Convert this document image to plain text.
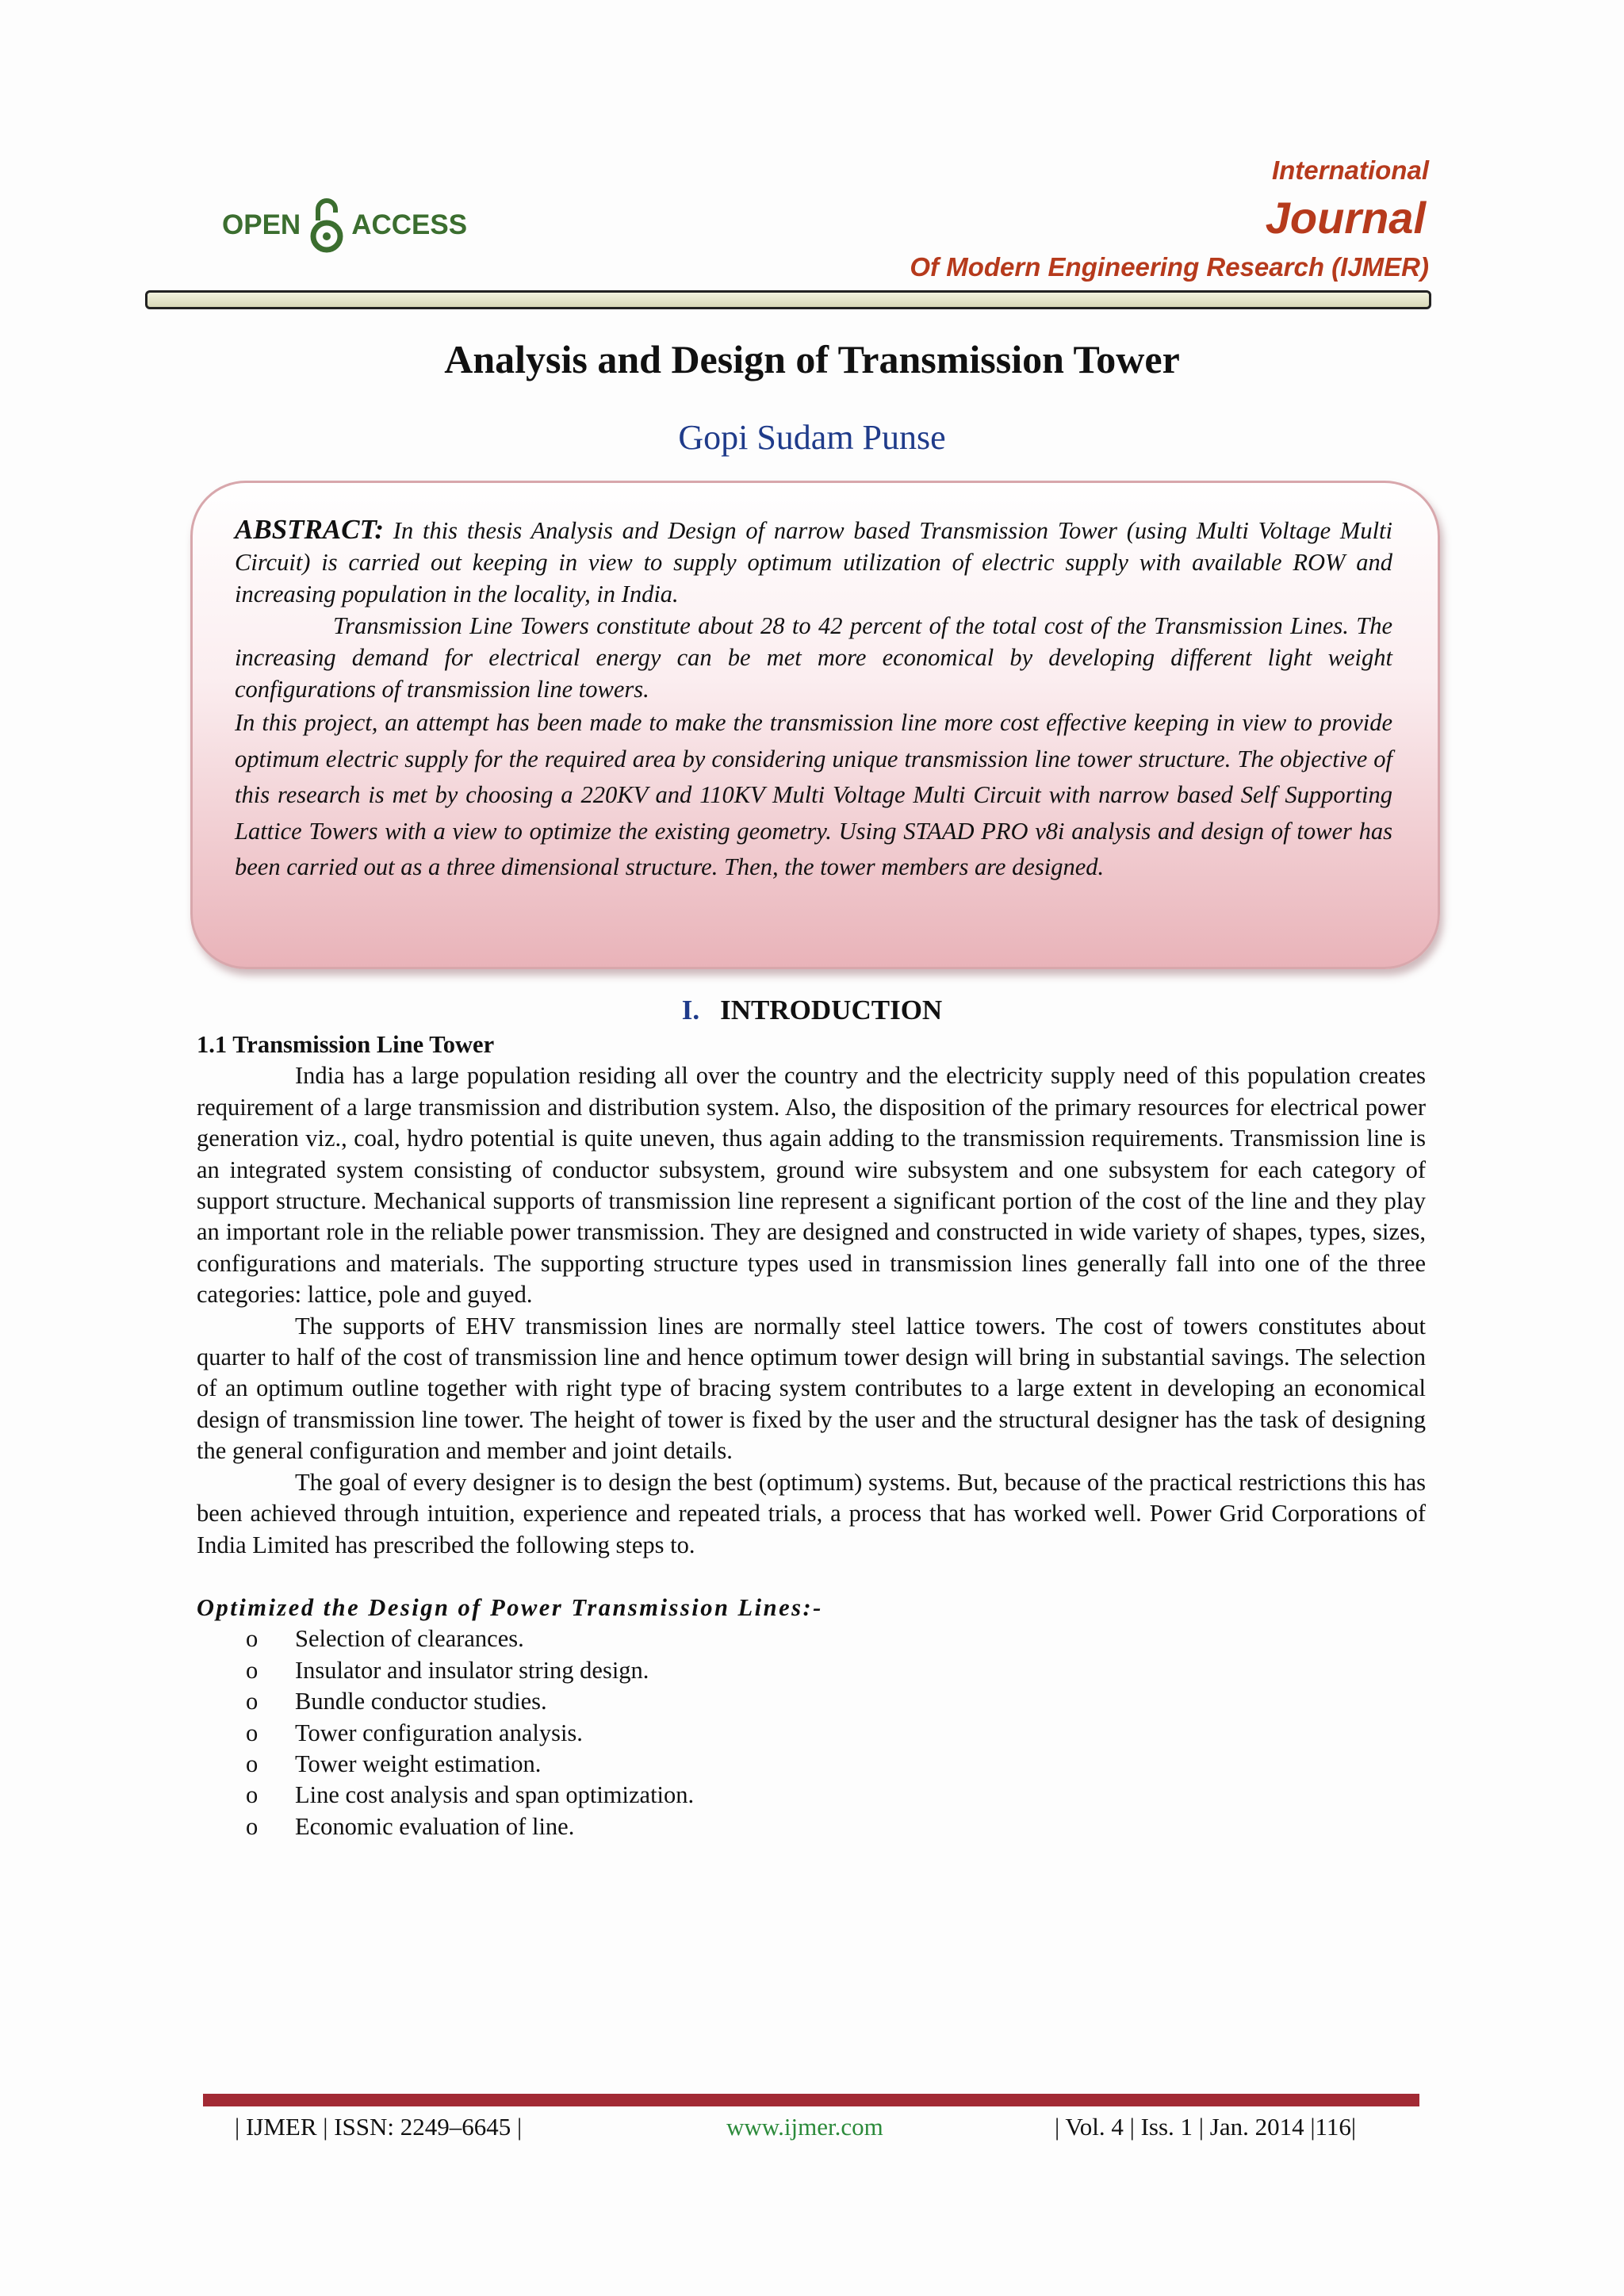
OPEN ACCESS
International
Journal
Of Modern Engineering Research (IJMER)
Analysis and Design of Transmission Tower
Gopi Sudam Punse

ABSTRACT: In this thesis Analysis and Design of narrow based Transmission Tower (using Multi Voltage Multi Circuit) is carried out keeping in view to supply optimum utilization of electric supply with available ROW and increasing population in the locality, in India.

Transmission Line Towers constitute about 28 to 42 percent of the total cost of the Transmission Lines. The increasing demand for electrical energy can be met more economical by developing different light weight configurations of transmission line towers.

In this project, an attempt has been made to make the transmission line more cost effective keeping in view to provide optimum electric supply for the required area by considering unique transmission line tower structure. The objective of this research is met by choosing a 220KV and 110KV Multi Voltage Multi Circuit with narrow based Self Supporting Lattice Towers with a view to optimize the existing geometry. Using STAAD PRO v8i analysis and design of tower has been carried out as a three dimensional structure. Then, the tower members are designed.

I. INTRODUCTION

1.1 Transmission Line Tower

India has a large population residing all over the country and the electricity supply need of this population creates requirement of a large transmission and distribution system. Also, the disposition of the primary resources for electrical power generation viz., coal, hydro potential is quite uneven, thus again adding to the transmission requirements. Transmission line is an integrated system consisting of conductor subsystem, ground wire subsystem and one subsystem for each category of support structure. Mechanical supports of transmission line represent a significant portion of the cost of the line and they play an important role in the reliable power transmission. They are designed and constructed in wide variety of shapes, types, sizes, configurations and materials. The supporting structure types used in transmission lines generally fall into one of the three categories: lattice, pole and guyed.

The supports of EHV transmission lines are normally steel lattice towers. The cost of towers constitutes about quarter to half of the cost of transmission line and hence optimum tower design will bring in substantial savings. The selection of an optimum outline together with right type of bracing system contributes to a large extent in developing an economical design of transmission line tower. The height of tower is fixed by the user and the structural designer has the task of designing the general configuration and member and joint details.

The goal of every designer is to design the best (optimum) systems. But, because of the practical restrictions this has been achieved through intuition, experience and repeated trials, a process that has worked well. Power Grid Corporations of India Limited has prescribed the following steps to.

Optimized the Design of Power Transmission Lines:-

o	Selection of clearances.
o	Insulator and insulator string design.
o	Bundle conductor studies.
o	Tower configuration analysis.
o	Tower weight estimation.
o	Line cost analysis and span optimization.
o	Economic evaluation of line.
| IJMER | ISSN: 2249–6645 |	www.ijmer.com	| Vol. 4 | Iss. 1 | Jan. 2014 |116|
